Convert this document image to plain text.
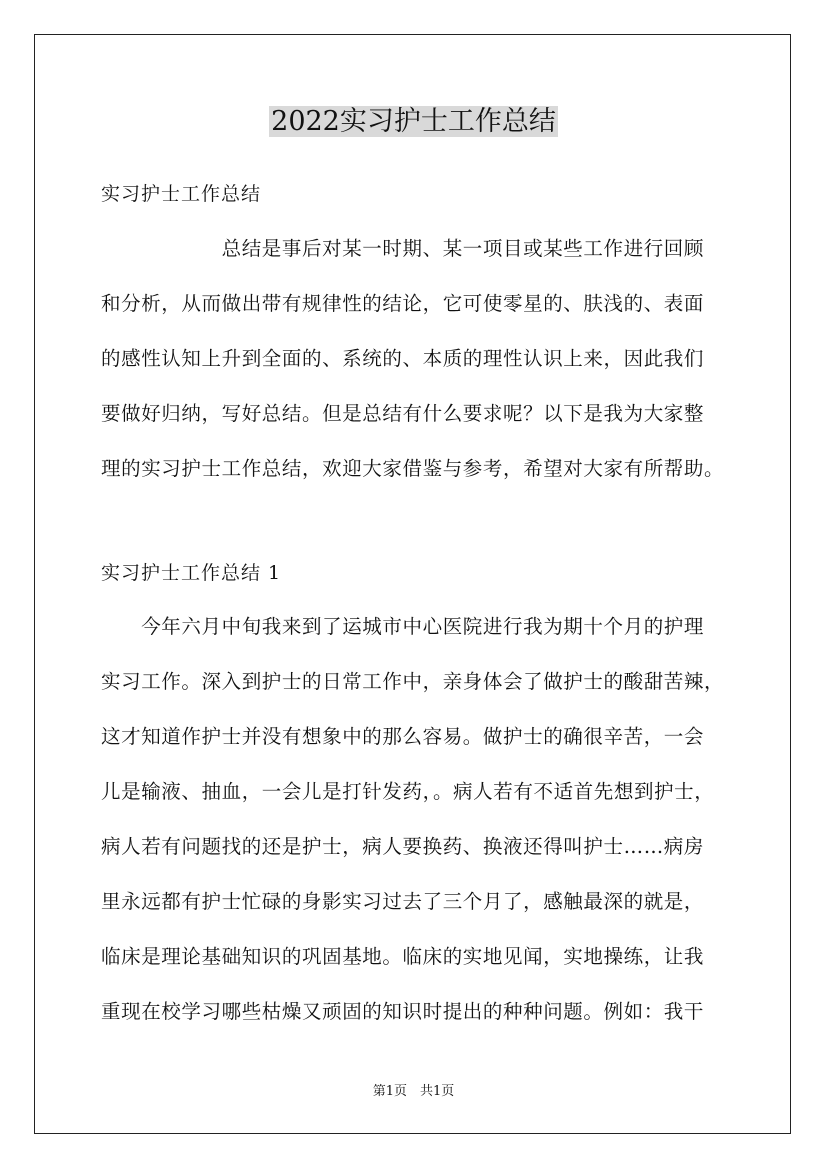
2022实习护士工作总结
实习护士工作总结
　　　　　　总结是事后对某一时期、某一项目或某些工作进行回顾
和分析，从而做出带有规律性的结论，它可使零星的、肤浅的、表面
的感性认知上升到全面的、系统的、本质的理性认识上来，因此我们
要做好归纳，写好总结。但是总结有什么要求呢？以下是我为大家整
理的实习护士工作总结，欢迎大家借鉴与参考，希望对大家有所帮助。
实习护士工作总结 1
　　今年六月中旬我来到了运城市中心医院进行我为期十个月的护理
实习工作。深入到护士的日常工作中，亲身体会了做护士的酸甜苦辣，
这才知道作护士并没有想象中的那么容易。做护士的确很辛苦，一会
儿是输液、抽血，一会儿是打针发药，。病人若有不适首先想到护士，
病人若有问题找的还是护士，病人要换药、换液还得叫护士……病房
里永远都有护士忙碌的身影实习过去了三个月了，感触最深的就是，
临床是理论基础知识的巩固基地。临床的实地见闻，实地操练，让我
重现在校学习哪些枯燥又顽固的知识时提出的种种问题。例如：我干
第1页　共1页
